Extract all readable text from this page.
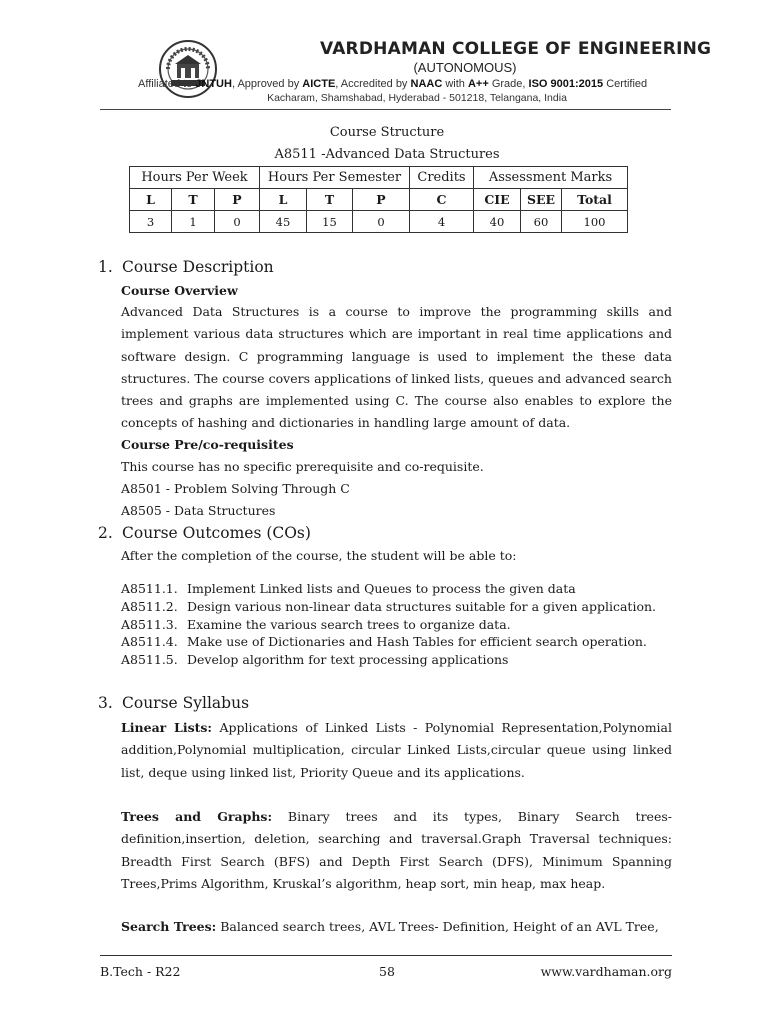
VARDHAMAN COLLEGE OF ENGINEERING
(AUTONOMOUS)
Affiliated to JNTUH, Approved by AICTE, Accredited by NAAC with A++ Grade, ISO 9001:2015 Certified
Kacharam, Shamshabad, Hyderabad - 501218, Telangana, India
Course Structure
A8511 -Advanced Data Structures
Hours Per Week			Hours Per Semester			Credits	Assessment Marks		
L	T	P	L	T	P	C	CIE	SEE	Total
3	1	0	45	15	0	4	40	60	100
1. Course Description
Course Overview
Advanced Data Structures is a course to improve the programming skills and implement various data structures which are important in real time applications and software design. C programming language is used to implement the these data structures. The course covers applications of linked lists, queues and advanced search trees and graphs are implemented using C. The course also enables to explore the concepts of hashing and dictionaries in handling large amount of data.
Course Pre/co-requisites
This course has no specific prerequisite and co-requisite.
A8501 - Problem Solving Through C
A8505 - Data Structures
2. Course Outcomes (COs)
After the completion of the course, the student will be able to:
A8511.1. Implement Linked lists and Queues to process the given data
A8511.2. Design various non-linear data structures suitable for a given application.
A8511.3. Examine the various search trees to organize data.
A8511.4. Make use of Dictionaries and Hash Tables for efficient search operation.
A8511.5. Develop algorithm for text processing applications
3. Course Syllabus
Linear Lists: Applications of Linked Lists - Polynomial Representation,Polynomial addition,Polynomial multiplication, circular Linked Lists,circular queue using linked list, deque using linked list, Priority Queue and its applications.
Trees and Graphs: Binary trees and its types, Binary Search trees-definition,insertion, deletion, searching and traversal.Graph Traversal techniques: Breadth First Search (BFS) and Depth First Search (DFS), Minimum Spanning Trees,Prims Algorithm, Kruskal’s algorithm, heap sort, min heap, max heap.
Search Trees: Balanced search trees, AVL Trees- Definition, Height of an AVL Tree,
B.Tech - R22	58	www.vardhaman.org
